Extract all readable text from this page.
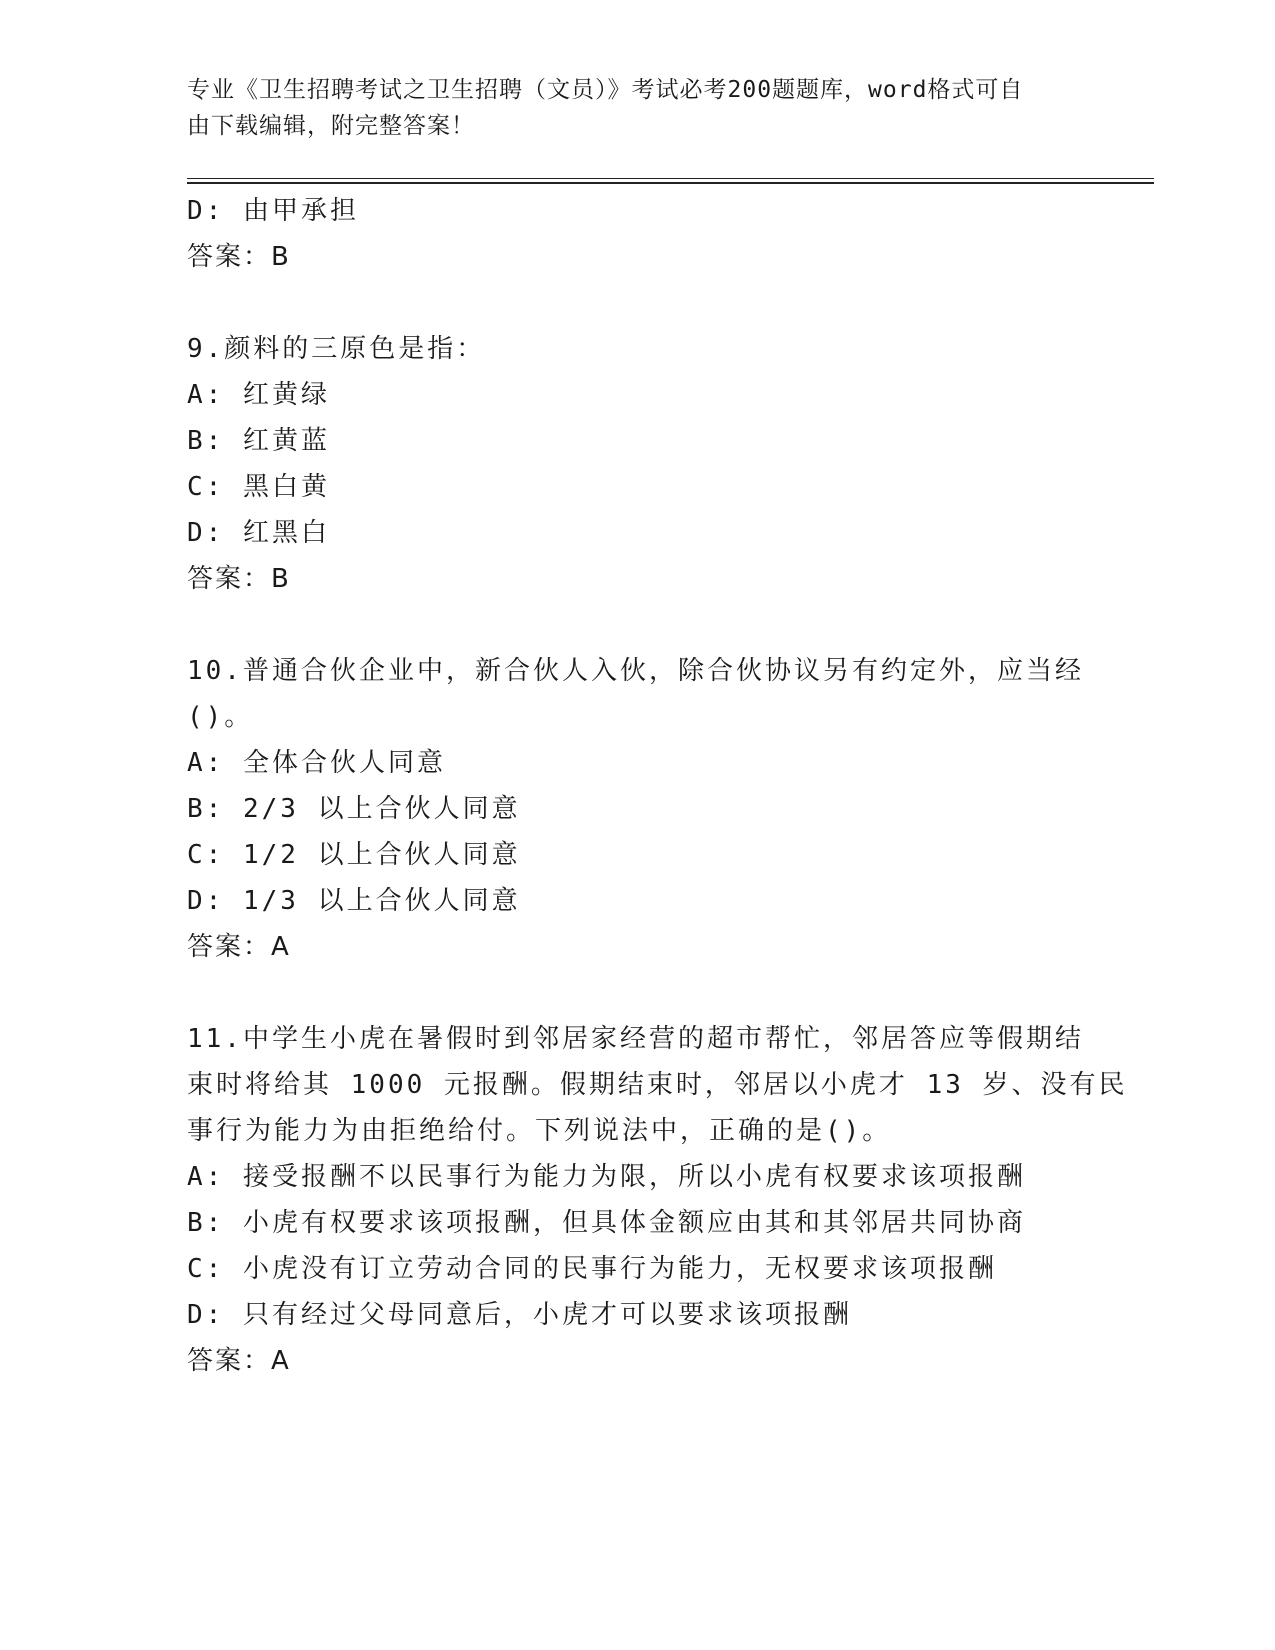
专业《卫生招聘考试之卫生招聘（文员）》考试必考200题题库，word格式可自
由下载编辑，附完整答案！
D: 由甲承担
答案：B
9.颜料的三原色是指：
A: 红黄绿
B: 红黄蓝
C: 黑白黄
D: 红黑白
答案：B
10.普通合伙企业中，新合伙人入伙，除合伙协议另有约定外，应当经
()。
A: 全体合伙人同意
B: 2/3 以上合伙人同意
C: 1/2 以上合伙人同意
D: 1/3 以上合伙人同意
答案：A
11.中学生小虎在暑假时到邻居家经营的超市帮忙，邻居答应等假期结
束时将给其 1000 元报酬。假期结束时，邻居以小虎才 13 岁、没有民
事行为能力为由拒绝给付。下列说法中，正确的是()。
A: 接受报酬不以民事行为能力为限，所以小虎有权要求该项报酬
B: 小虎有权要求该项报酬，但具体金额应由其和其邻居共同协商
C: 小虎没有订立劳动合同的民事行为能力，无权要求该项报酬
D: 只有经过父母同意后，小虎才可以要求该项报酬
答案：A
